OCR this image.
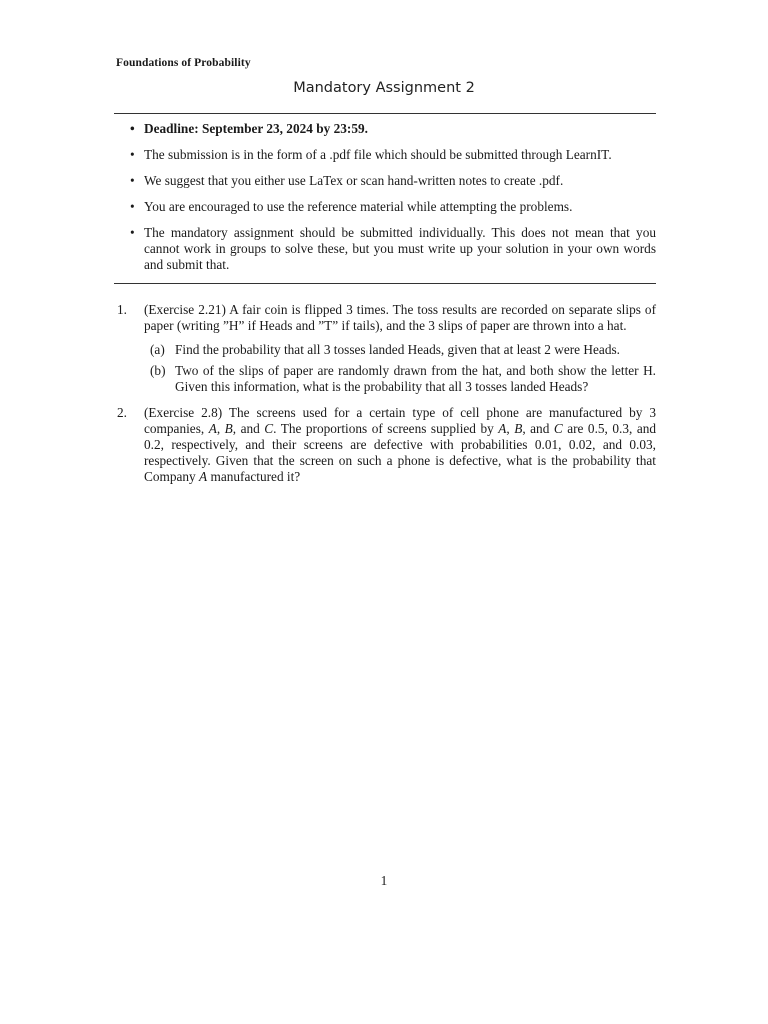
Foundations of Probability
Mandatory Assignment 2
• Deadline: September 23, 2024 by 23:59.
• The submission is in the form of a .pdf file which should be submitted through LearnIT.
• We suggest that you either use LaTex or scan hand-written notes to create .pdf.
• You are encouraged to use the reference material while attempting the problems.
• The mandatory assignment should be submitted individually. This does not mean that you cannot work in groups to solve these, but you must write up your solution in your own words and submit that.
1. (Exercise 2.21) A fair coin is flipped 3 times. The toss results are recorded on separate slips of paper (writing ”H” if Heads and ”T” if tails), and the 3 slips of paper are thrown into a hat.
(a) Find the probability that all 3 tosses landed Heads, given that at least 2 were Heads.
(b) Two of the slips of paper are randomly drawn from the hat, and both show the letter H. Given this information, what is the probability that all 3 tosses landed Heads?
2. (Exercise 2.8) The screens used for a certain type of cell phone are manufactured by 3 companies, A, B, and C. The proportions of screens supplied by A, B, and C are 0.5, 0.3, and 0.2, respectively, and their screens are defective with probabilities 0.01, 0.02, and 0.03, respectively. Given that the screen on such a phone is defective, what is the probability that Company A manufactured it?
1
